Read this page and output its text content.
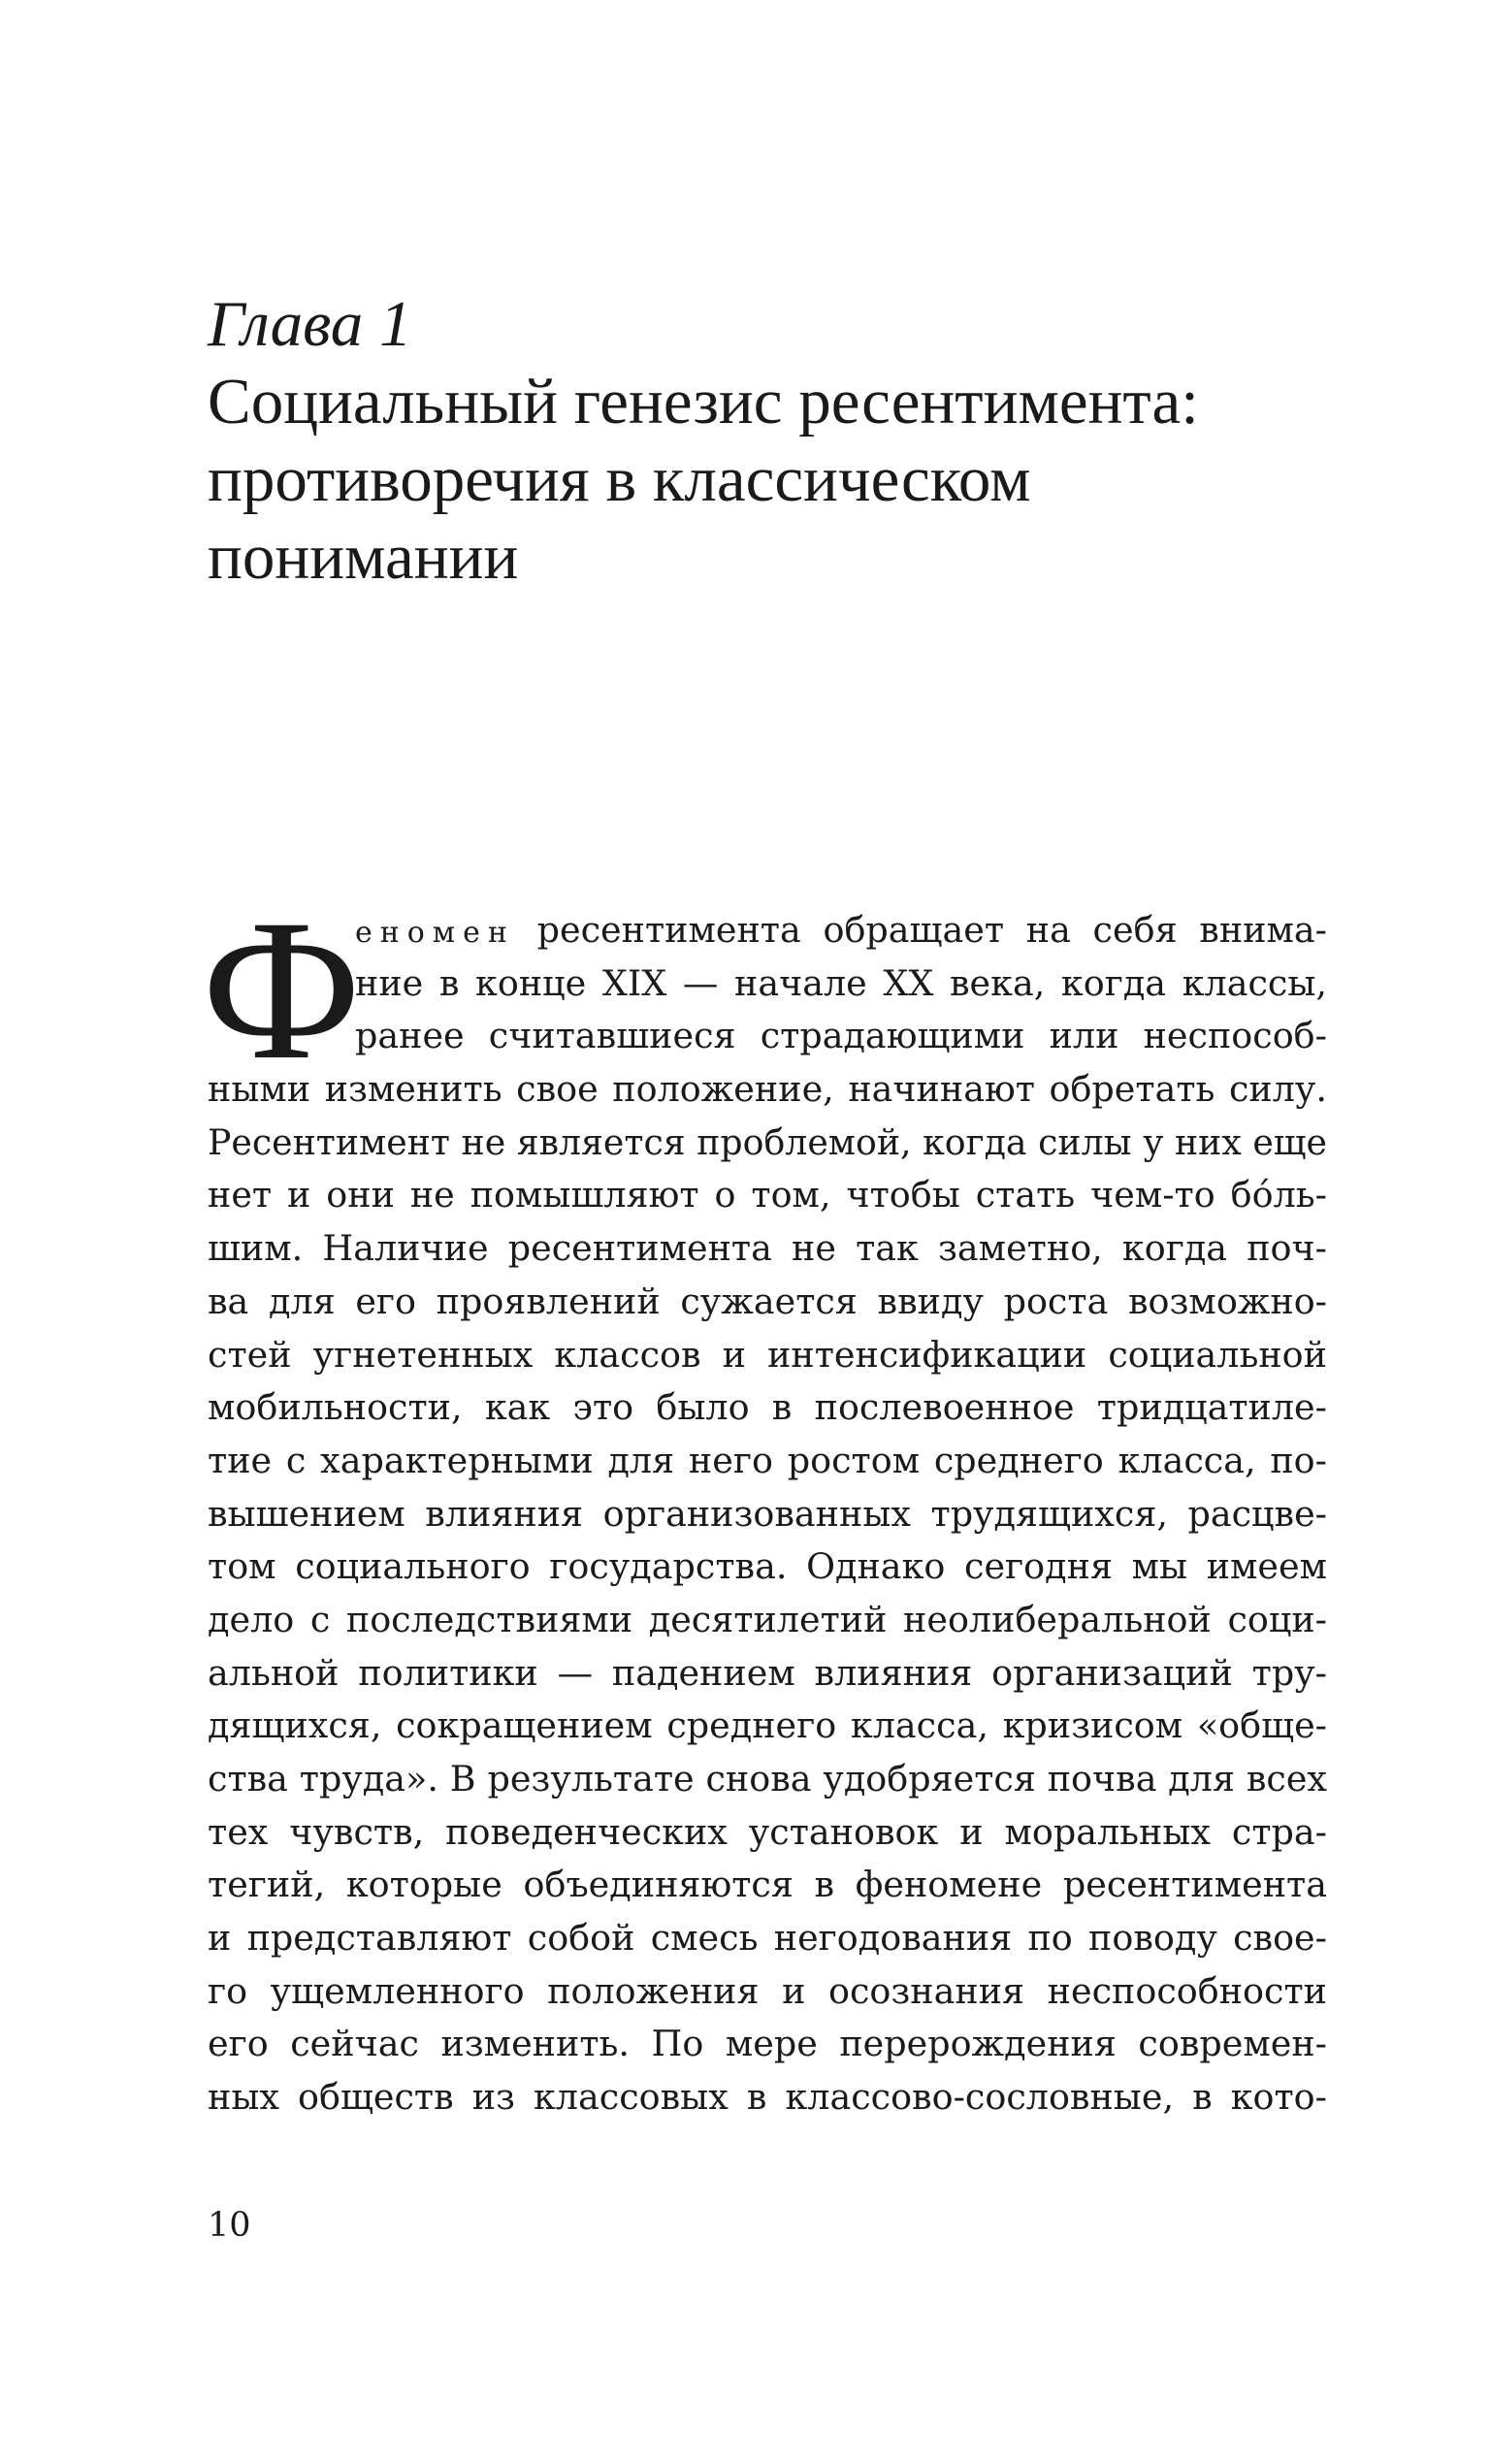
Глава 1
Социальный генезис ресентимента:
противоречия в классическом
понимании
Ф
еномен ресентимента обращает на себя внима-
ние в конце XIX — начале XX века, когда классы,
ранее считавшиеся страдающими или неспособ-
ными изменить свое положение, начинают обретать силу.
Ресентимент не является проблемой, когда силы у них еще
нет и они не помышляют о том, чтобы стать чем-то бóль-
шим. Наличие ресентимента не так заметно, когда поч-
ва для его проявлений сужается ввиду роста возможно-
стей угнетенных классов и интенсификации социальной
мобильности, как это было в послевоенное тридцатиле-
тие с характерными для него ростом среднего класса, по-
вышением влияния организованных трудящихся, расцве-
том социального государства. Однако сегодня мы имеем
дело с последствиями десятилетий неолиберальной соци-
альной политики — падением влияния организаций тру-
дящихся, сокращением среднего класса, кризисом «обще-
ства труда». В результате снова удобряется почва для всех
тех чувств, поведенческих установок и моральных стра-
тегий, которые объединяются в феномене ресентимента
и представляют собой смесь негодования по поводу свое-
го ущемленного положения и осознания неспособности
его сейчас изменить. По мере перерождения современ-
ных обществ из классовых в классово-сословные, в кото-

10
